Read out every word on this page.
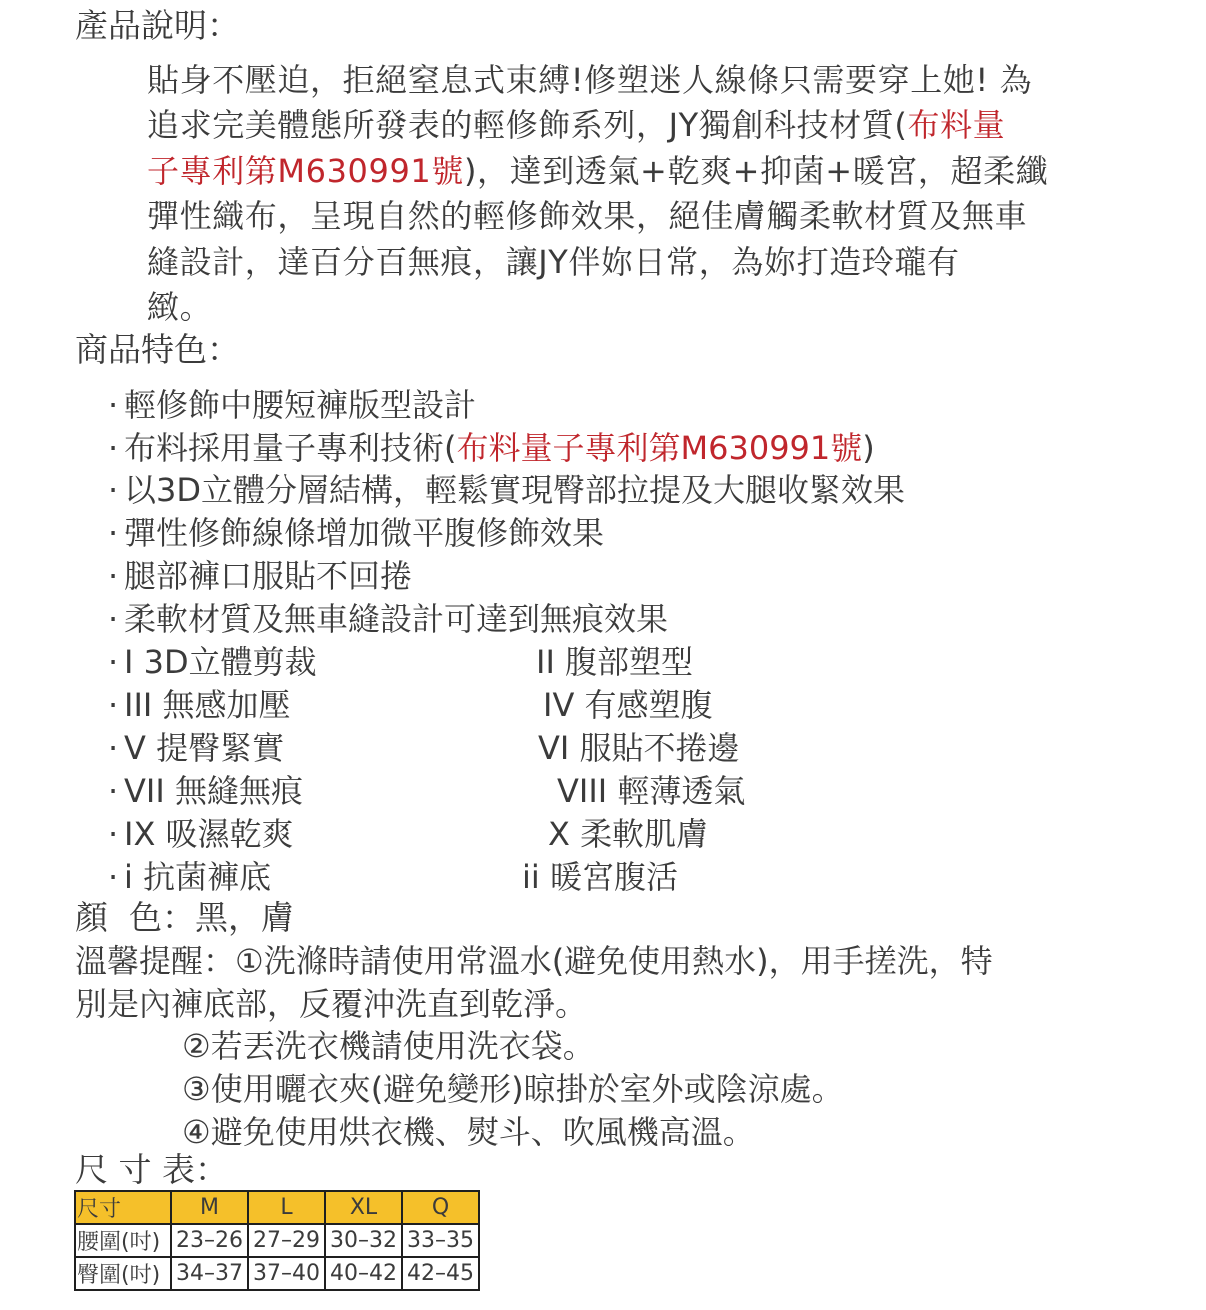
產品說明：
貼身不壓迫，拒絕窒息式束縛!修塑迷人線條只需要穿上她! 為
追求完美體態所發表的輕修飾系列，JY獨創科技材質(布料量
子專利第M630991號)，達到透氣+乾爽+抑菌+暖宮，超柔纖
彈性織布，呈現自然的輕修飾效果，絕佳膚觸柔軟材質及無車
縫設計，達百分百無痕，讓JY伴妳日常，為妳打造玲瓏有
緻。
商品特色：
· 輕修飾中腰短褲版型設計
· 布料採用量子專利技術(布料量子專利第M630991號)
· 以3D立體分層結構，輕鬆實現臀部拉提及大腿收緊效果
· 彈性修飾線條增加微平腹修飾效果
· 腿部褲口服貼不回捲
· 柔軟材質及無車縫設計可達到無痕效果
· I 3D立體剪裁	II 腹部塑型
· III 無感加壓	IV 有感塑腹
· V 提臀緊實	VI 服貼不捲邊
· VII 無縫無痕	VIII 輕薄透氣
· IX 吸濕乾爽	X 柔軟肌膚
· i 抗菌褲底	ii 暖宮腹活
顏  色：黑，膚
溫馨提醒：①洗滌時請使用常溫水(避免使用熱水)，用手搓洗，特
別是內褲底部，反覆沖洗直到乾淨。
②若丟洗衣機請使用洗衣袋。
③使用曬衣夾(避免變形)晾掛於室外或陰涼處。
④避免使用烘衣機、熨斗、吹風機高溫。
尺 寸 表：
尺寸	M	L	XL	Q
腰圍(吋)	23–26	27–29	30–32	33–35
臀圍(吋)	34–37	37–40	40–42	42–45
